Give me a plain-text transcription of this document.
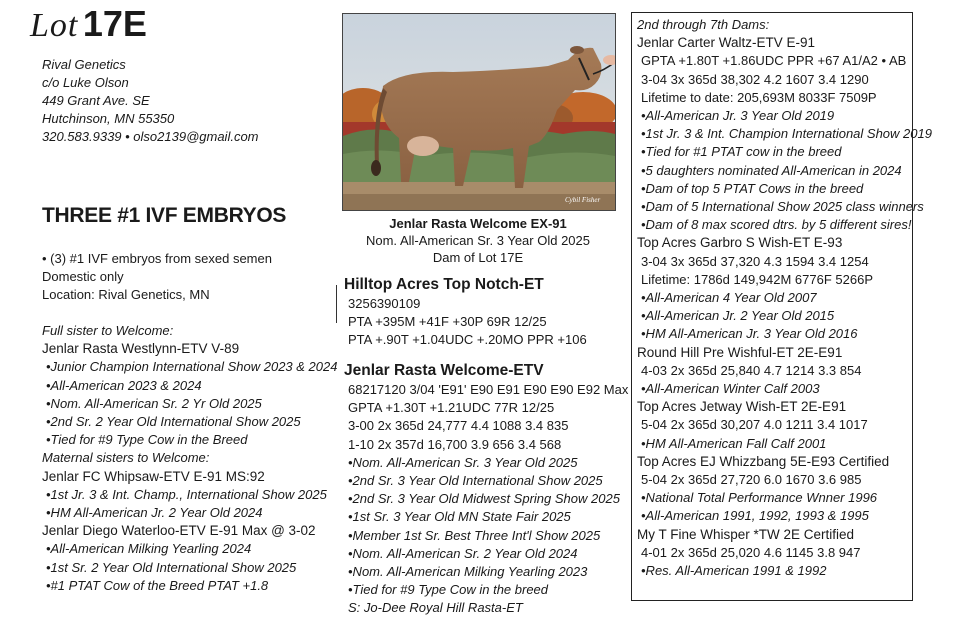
Lot 17E
Rival Genetics
c/o Luke Olson
449 Grant Ave. SE
Hutchinson, MN 55350
320.583.9339 • olso2139@gmail.com
THREE #1 IVF EMBRYOS
• (3) #1 IVF embryos from sexed semen
Domestic only
Location: Rival Genetics, MN
Full sister to Welcome:
Jenlar Rasta Westlynn-ETV V-89
•Junior Champion International Show 2023 & 2024
•All-American 2023 & 2024
•Nom. All-American Sr. 2 Yr Old 2025
•2nd Sr. 2 Year Old International Show 2025
•Tied for #9 Type Cow in the Breed
Maternal sisters to Welcome:
Jenlar FC Whipsaw-ETV E-91 MS:92
•1st Jr. 3 & Int. Champ., International Show 2025
•HM All-American Jr. 2 Year Old 2024
Jenlar Diego Waterloo-ETV E-91 Max @ 3-02
•All-American Milking Yearling 2024
•1st Sr. 2 Year Old International Show 2025
•#1 PTAT Cow of the Breed PTAT +1.8
Cybil Fisher
Jenlar Rasta Welcome EX-91
Nom. All-American Sr. 3 Year Old 2025
Dam of Lot 17E
Hilltop Acres Top Notch-ET
3256390109
PTA +395M +41F +30P 69R 12/25
PTA +.90T +1.04UDC +.20MO PPR +106
Jenlar Rasta Welcome-ETV
68217120 3/04 'E91' E90 E91 E90 E90 E92 Max
GPTA +1.30T +1.21UDC 77R 12/25
3-00 2x 365d 24,777 4.4 1088 3.4 835
1-10 2x 357d 16,700 3.9 656 3.4 568
•Nom. All-American Sr. 3 Year Old 2025
•2nd Sr. 3 Year Old International Show 2025
•2nd Sr. 3 Year Old Midwest Spring Show 2025
•1st Sr. 3 Year Old MN State Fair 2025
•Member 1st Sr. Best Three Int'l Show 2025
•Nom. All-American Sr. 2 Year Old 2024
•Nom. All-American Milking Yearling 2023
•Tied for #9 Type Cow in the breed
S: Jo-Dee Royal Hill Rasta-ET
2nd through 7th Dams:
Jenlar Carter Waltz-ETV E-91
GPTA +1.80T +1.86UDC PPR +67 A1/A2 • AB
3-04 3x 365d 38,302 4.2 1607 3.4 1290
Lifetime to date: 205,693M 8033F 7509P
•All-American Jr. 3 Year Old 2019
•1st Jr. 3 & Int. Champion International Show 2019
•Tied for #1 PTAT cow in the breed
•5 daughters nominated All-American in 2024
•Dam of top 5 PTAT Cows in the breed
•Dam of 5 International Show 2025 class winners
•Dam of 8 max scored dtrs. by 5 different sires!
Top Acres Garbro S Wish-ET E-93
3-04 3x 365d 37,320 4.3 1594 3.4 1254
Lifetime: 1786d 149,942M 6776F 5266P
•All-American 4 Year Old 2007
•All-American Jr. 2 Year Old 2015
•HM All-American Jr. 3 Year Old 2016
Round Hill Pre Wishful-ET 2E-E91
4-03 2x 365d 25,840 4.7 1214 3.3 854
•All-American Winter Calf 2003
Top Acres Jetway Wish-ET 2E-E91
5-04 2x 365d 30,207 4.0 1211 3.4 1017
•HM All-American Fall Calf 2001
Top Acres EJ Whizzbang 5E-E93 Certified
5-04 2x 365d 27,720 6.0 1670 3.6 985
•National Total Performance Wnner 1996
•All-American 1991, 1992, 1993 & 1995
My T Fine Whisper *TW 2E Certified
4-01 2x 365d 25,020 4.6 1145 3.8 947
•Res. All-American 1991 & 1992
